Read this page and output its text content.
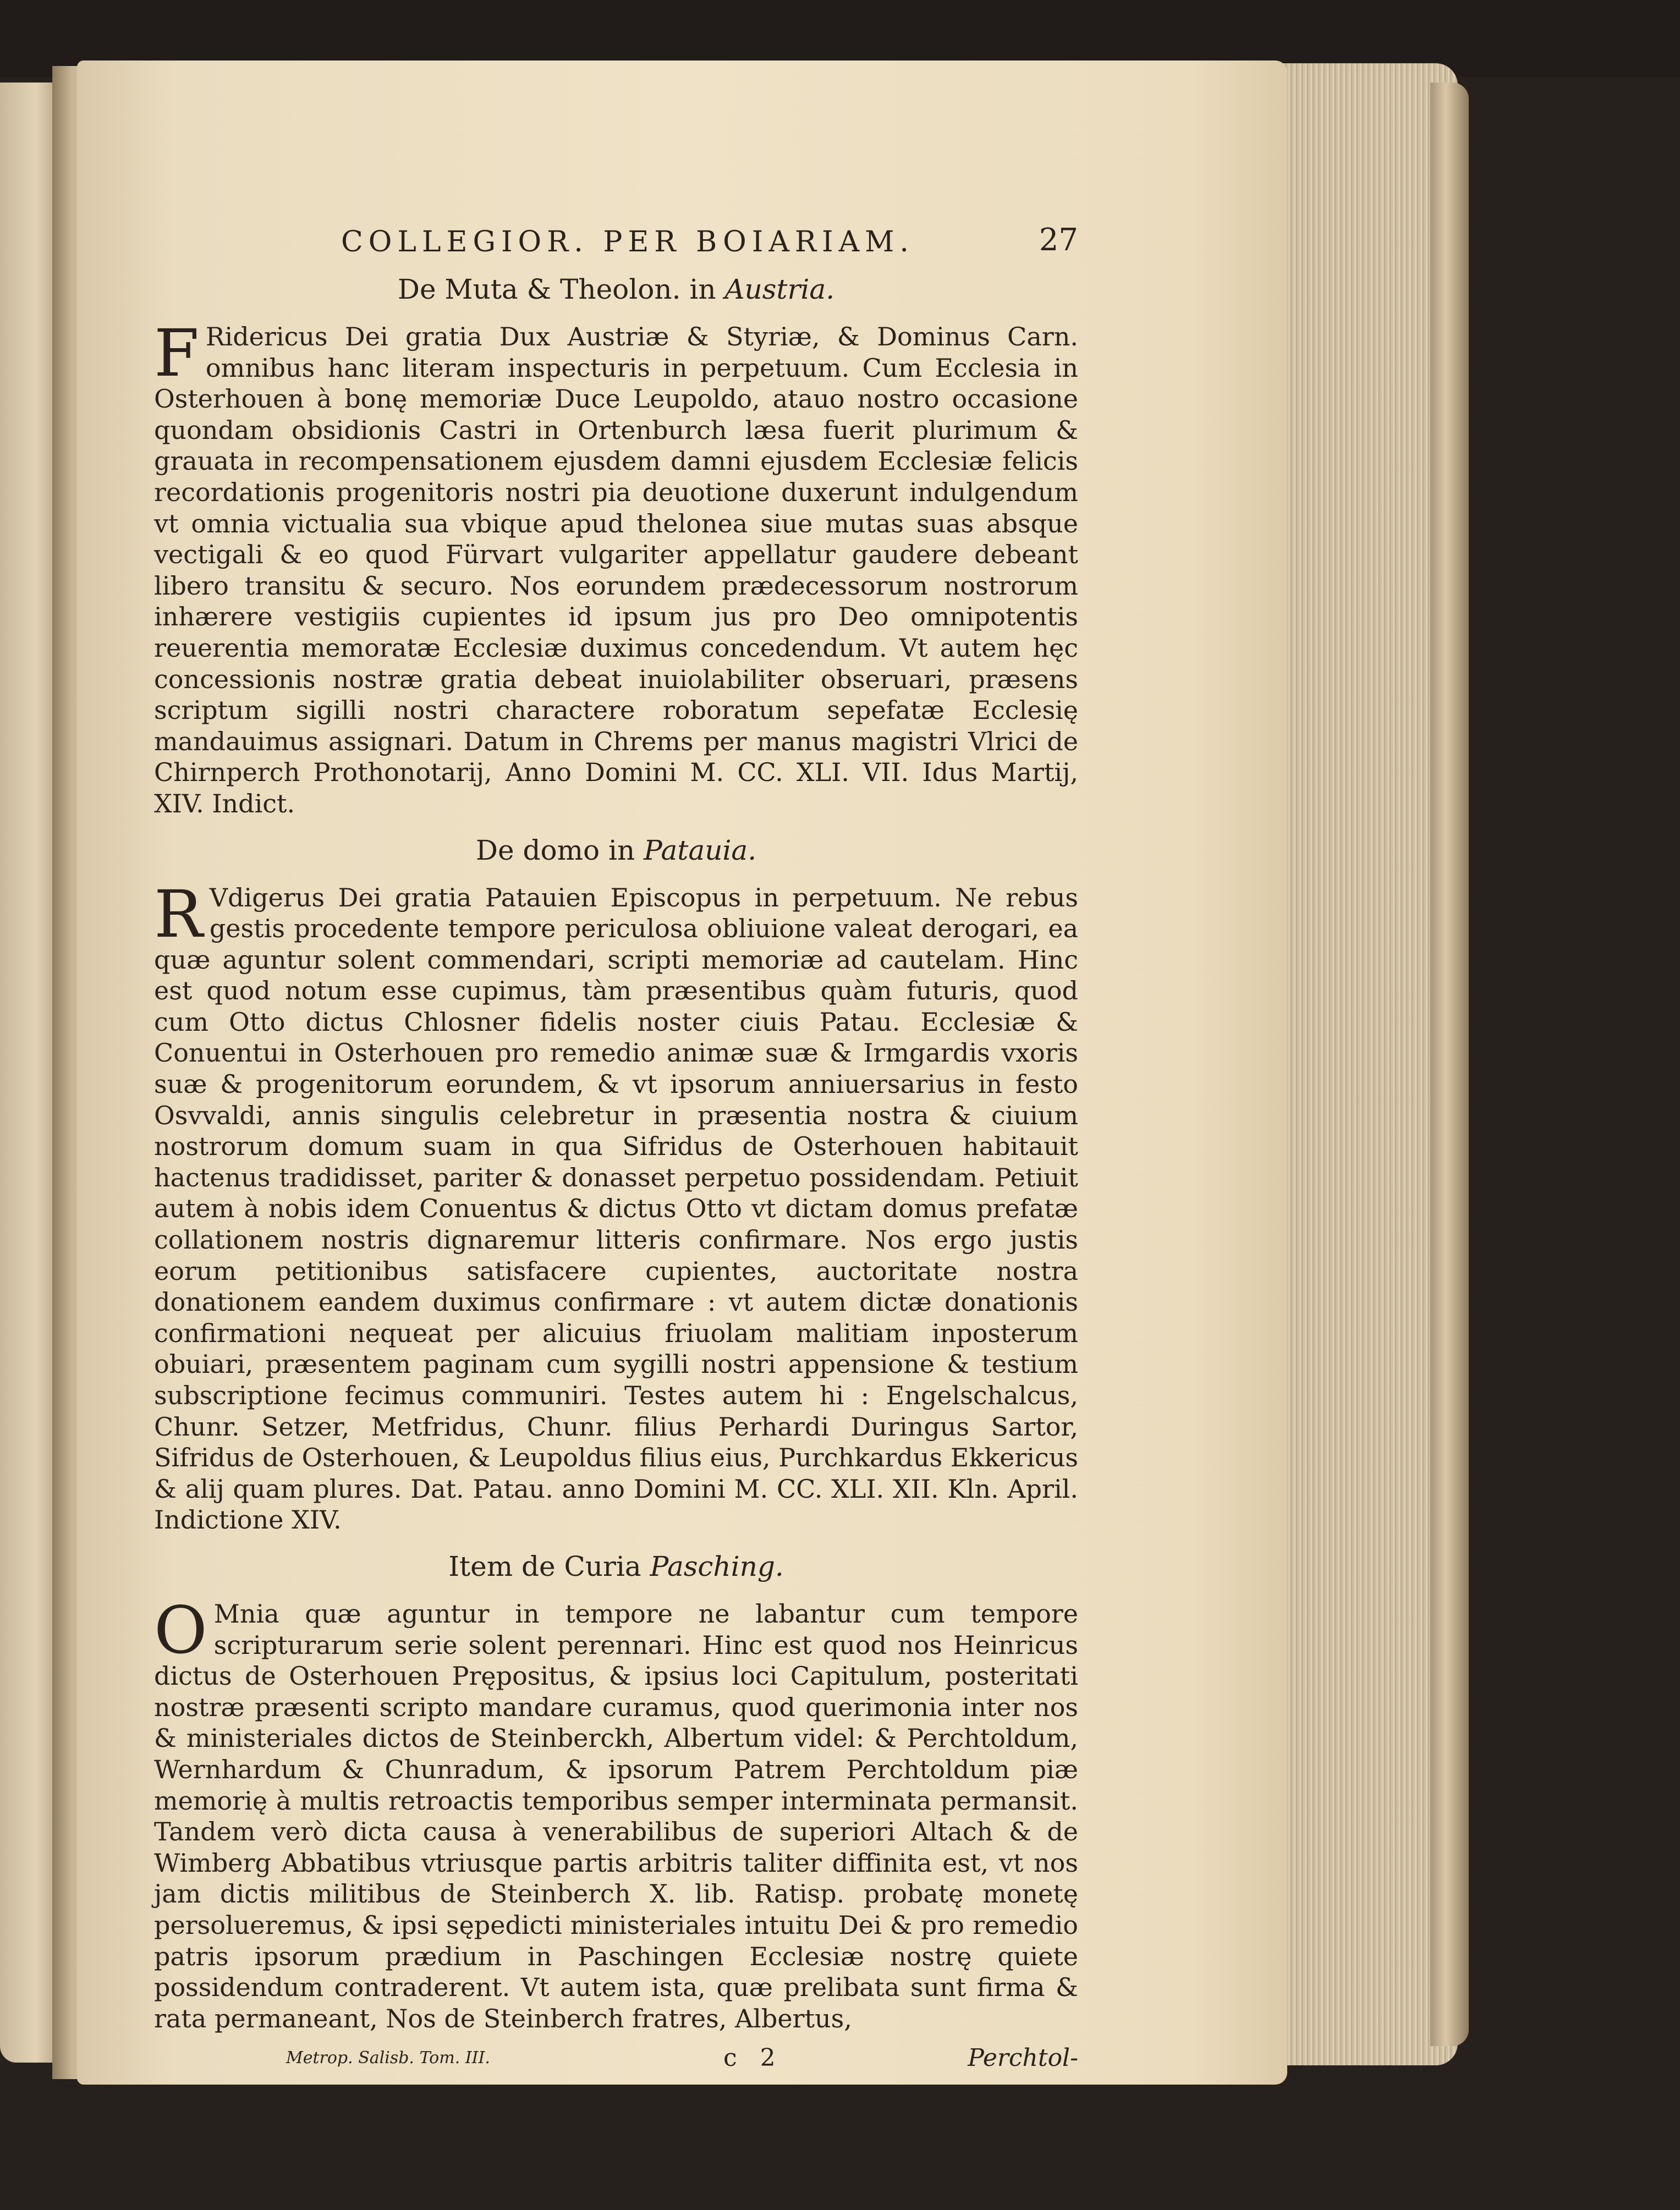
COLLEGIOR. PER BOIARIAM.	27
De Muta & Theolon. in Austria.

F Ridericus Dei gratia Dux Austriæ & Styriæ, & Dominus Carn. omnibus hanc literam inspecturis in perpetuum. Cum Ecclesia in Osterhouen à bonę memoriæ Duce Leupoldo, atauo nostro occasione quondam obsidionis Castri in Ortenburch læsa fuerit plurimum & grauata in recompensationem ejusdem damni ejusdem Ecclesiæ felicis recordationis progenitoris nostri pia deuotione duxerunt indulgendum vt omnia victualia sua vbique apud thelonea siue mutas suas absque vectigali & eo quod Fürvart vulgariter appellatur gaudere debeant libero transitu & securo. Nos eorundem prædecessorum nostrorum inhærere vestigiis cupientes id ipsum jus pro Deo omnipotentis reuerentia memoratæ Ecclesiæ duximus concedendum. Vt autem hęc concessionis nostræ gratia debeat inuiolabiliter obseruari, præsens scriptum sigilli nostri charactere roboratum sepefatæ Ecclesię mandauimus assignari. Datum in Chrems per manus magistri Vlrici de Chirnperch Prothonotarij, Anno Domini M. CC. XLI. VII. Idus Martij, XIV. Indict.

De domo in Patauia.

R Vdigerus Dei gratia Patauien Episcopus in perpetuum. Ne rebus gestis procedente tempore periculosa obliuione valeat derogari, ea quæ aguntur solent commendari, scripti memoriæ ad cautelam. Hinc est quod notum esse cupimus, tàm præsentibus quàm futuris, quod cum Otto dictus Chlosner fidelis noster ciuis Patau. Ecclesiæ & Conuentui in Osterhouen pro remedio animæ suæ & Irmgardis vxoris suæ & progenitorum eorundem, & vt ipsorum anniuersarius in festo Osvvaldi, annis singulis celebretur in præsentia nostra & ciuium nostrorum domum suam in qua Sifridus de Osterhouen habitauit hactenus tradidisset, pariter & donasset perpetuo possidendam. Petiuit autem à nobis idem Conuentus & dictus Otto vt dictam domus prefatæ collationem nostris dignaremur litteris confirmare. Nos ergo justis eorum petitionibus satisfacere cupientes, auctoritate nostra donationem eandem duximus confirmare : vt autem dictæ donationis confirmationi nequeat per alicuius friuolam malitiam inposterum obuiari, præsentem paginam cum sygilli nostri appensione & testium subscriptione fecimus communiri. Testes autem hi : Engelschalcus, Chunr. Setzer, Metfridus, Chunr. filius Perhardi Duringus Sartor, Sifridus de Osterhouen, & Leupoldus filius eius, Purchkardus Ekkericus & alij quam plures. Dat. Patau. anno Domini M. CC. XLI. XII. Kln. April. Indictione XIV.

Item de Curia Pasching.

O Mnia quæ aguntur in tempore ne labantur cum tempore scripturarum serie solent perennari. Hinc est quod nos Heinricus dictus de Osterhouen Prępositus, & ipsius loci Capitulum, posteritati nostræ præsenti scripto mandare curamus, quod querimonia inter nos & ministeriales dictos de Steinberckh, Albertum videl: & Perchtoldum, Wernhardum & Chunradum, & ipsorum Patrem Perchtoldum piæ memorię à multis retroactis temporibus semper interminata permansit. Tandem verò dicta causa à venerabilibus de superiori Altach & de Wimberg Abbatibus vtriusque partis arbitris taliter diffinita est, vt nos jam dictis militibus de Steinberch X. lib. Ratisp. probatę monetę persolueremus, & ipsi sępedicti ministeriales intuitu Dei & pro remedio patris ipsorum prædium in Paschingen Ecclesiæ nostrę quiete possidendum contraderent. Vt autem ista, quæ prelibata sunt firma & rata permaneant, Nos de Steinberch fratres, Albertus,

Metrop. Salisb. Tom. III.	c 2	Perchtol-
